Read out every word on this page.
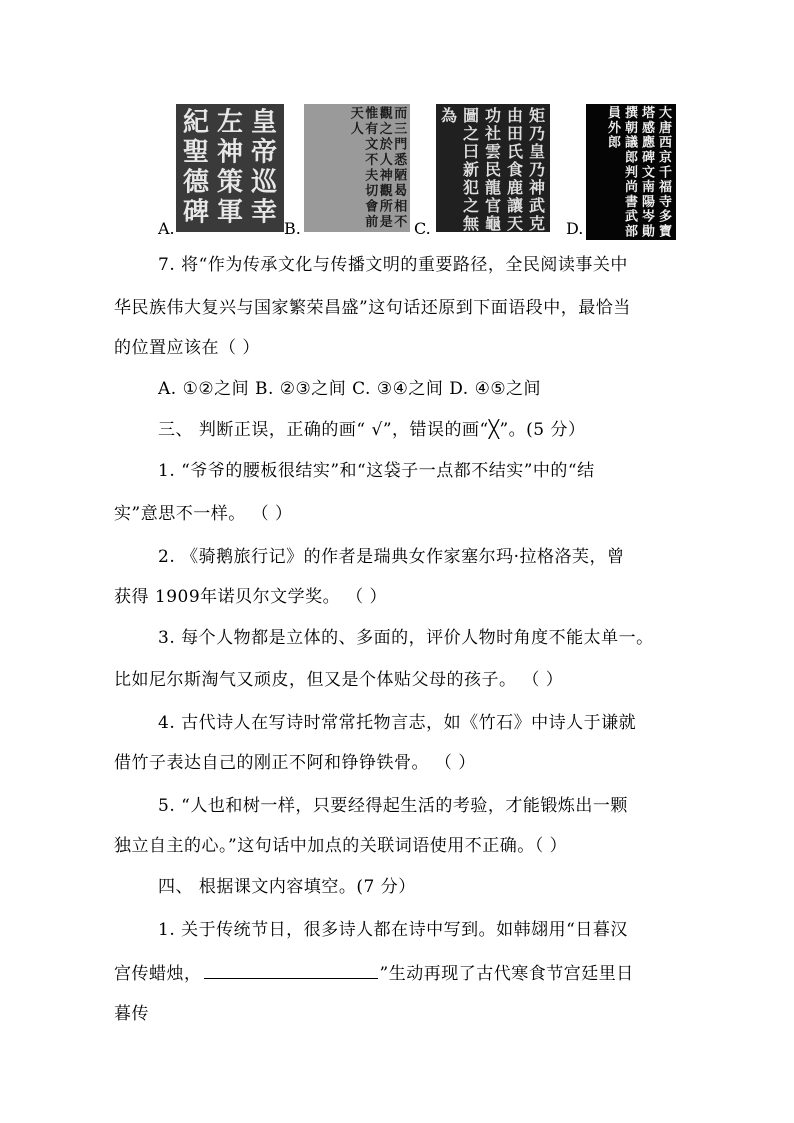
A.
皇
帝
巡
幸
左
神
策
軍
紀
聖
德
碑
B.
而
三
門
悉
陋
曷
相
不
觀
之
於
人
神
觀
所
是
惟
有
文
不
夫
切
會
前
天
人
C.
矩
乃
皇
乃
神
武
克
由
田
氏
食
鹿
讓
天
功
社
雲
民
龍
官
龜
圖
之
曰
新
犯
之
無
為
D.
大
唐
西
京
千
福
寺
多
寶
塔
感
應
碑
文
南
陽
岑
勛
撰
朝
議
郎
判
尚
書
武
部
員
外
郎
7. 将“作为传承文化与传播文明的重要路径，全民阅读事关中
华民族伟大复兴与国家繁荣昌盛”这句话还原到下面语段中，最恰当
的位置应该在（ ）
A. ①②之间 B. ②③之间 C. ③④之间 D. ④⑤之间
三、 判断正误，正确的画“ √”，错误的画“╳”。(5 分）
1. “爷爷的腰板很结实”和“这袋子一点都不结实”中的“结
实”意思不一样。 （ ）
2. 《骑鹅旅行记》的作者是瑞典女作家塞尔玛·拉格洛芙，曾
获得 1909年诺贝尔文学奖。 （ ）
3. 每个人物都是立体的、多面的，评价人物时角度不能太单一。
比如尼尔斯淘气又顽皮，但又是个体贴父母的孩子。 （ ）
4. 古代诗人在写诗时常常托物言志，如《竹石》中诗人于谦就
借竹子表达自己的刚正不阿和铮铮铁骨。 （ ）
5. “人也和树一样，只要经得起生活的考验，才能锻炼出一颗
独立自主的心。”这句话中加点的关联词语使用不正确。（ ）
四、 根据课文内容填空。(7 分）
1. 关于传统节日，很多诗人都在诗中写到。如韩翃用“日暮汉
宫传蜡烛，	”生动再现了古代寒食节宫廷里日
暮传
